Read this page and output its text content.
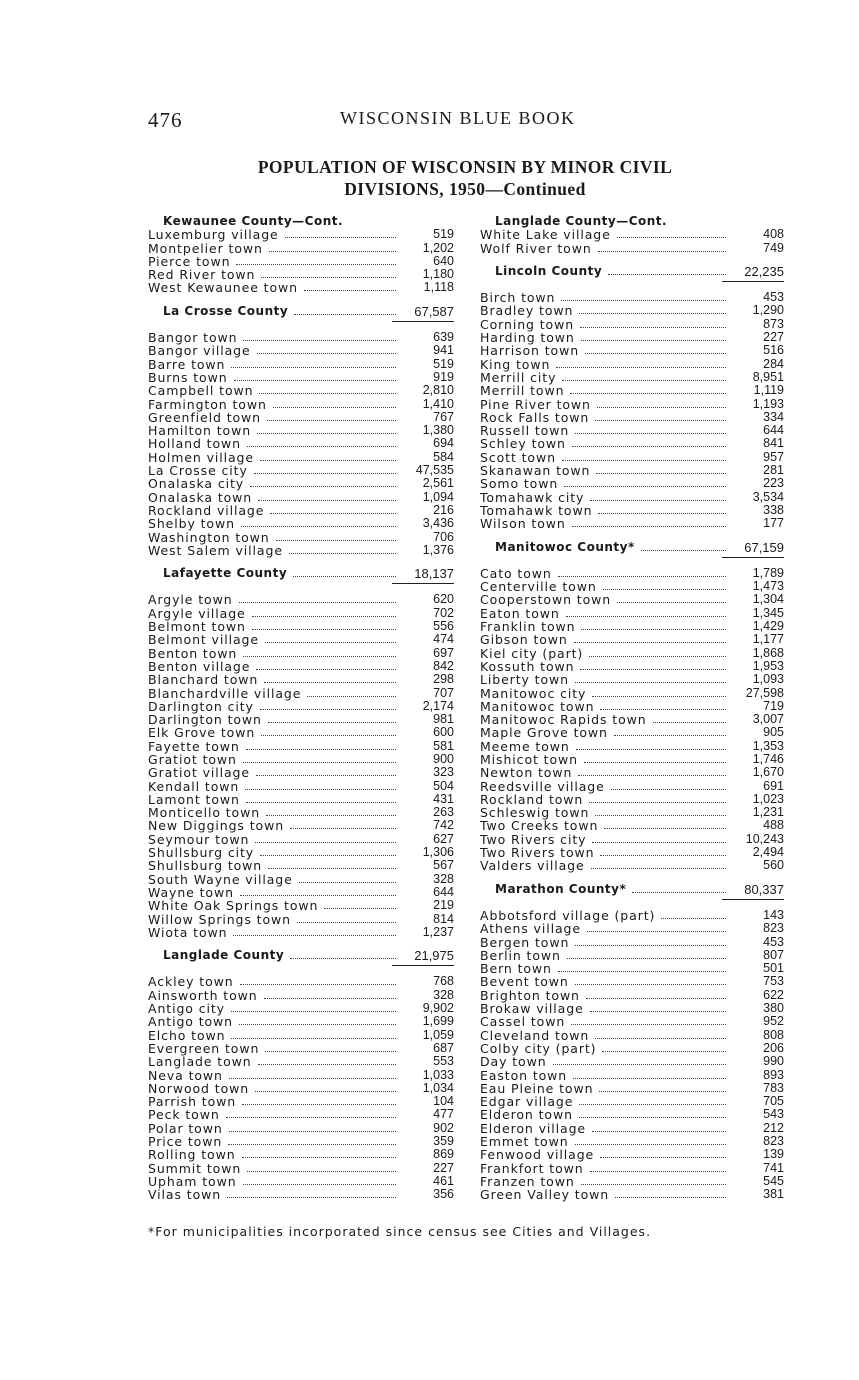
476	WISCONSIN BLUE BOOK
POPULATION OF WISCONSIN BY MINOR CIVIL
DIVISIONS, 1950—Continued
Kewaunee County—Cont.
Luxemburg village	519
Montpelier town	1,202
Pierce town	640
Red River town	1,180
West Kewaunee town	1,118
La Crosse County	67,587
Bangor town	639
Bangor village	941
Barre town	519
Burns town	919
Campbell town	2,810
Farmington town	1,410
Greenfield town	767
Hamilton town	1,380
Holland town	694
Holmen village	584
La Crosse city	47,535
Onalaska city	2,561
Onalaska town	1,094
Rockland village	216
Shelby town	3,436
Washington town	706
West Salem village	1,376
Lafayette County	18,137
Argyle town	620
Argyle village	702
Belmont town	556
Belmont village	474
Benton town	697
Benton village	842
Blanchard town	298
Blanchardville village	707
Darlington city	2,174
Darlington town	981
Elk Grove town	600
Fayette town	581
Gratiot town	900
Gratiot village	323
Kendall town	504
Lamont town	431
Monticello town	263
New Diggings town	742
Seymour town	627
Shullsburg city	1,306
Shullsburg town	567
South Wayne village	328
Wayne town	644
White Oak Springs town	219
Willow Springs town	814
Wiota town	1,237
Langlade County	21,975
Ackley town	768
Ainsworth town	328
Antigo city	9,902
Antigo town	1,699
Elcho town	1,059
Evergreen town	687
Langlade town	553
Neva town	1,033
Norwood town	1,034
Parrish town	104
Peck town	477
Polar town	902
Price town	359
Rolling town	869
Summit town	227
Upham town	461
Vilas town	356
Langlade County—Cont.
White Lake village	408
Wolf River town	749
Lincoln County	22,235
Birch town	453
Bradley town	1,290
Corning town	873
Harding town	227
Harrison town	516
King town	284
Merrill city	8,951
Merrill town	1,119
Pine River town	1,193
Rock Falls town	334
Russell town	644
Schley town	841
Scott town	957
Skanawan town	281
Somo town	223
Tomahawk city	3,534
Tomahawk town	338
Wilson town	177
Manitowoc County*	67,159
Cato town	1,789
Centerville town	1,473
Cooperstown town	1,304
Eaton town	1,345
Franklin town	1,429
Gibson town	1,177
Kiel city (part)	1,868
Kossuth town	1,953
Liberty town	1,093
Manitowoc city	27,598
Manitowoc town	719
Manitowoc Rapids town	3,007
Maple Grove town	905
Meeme town	1,353
Mishicot town	1,746
Newton town	1,670
Reedsville village	691
Rockland town	1,023
Schleswig town	1,231
Two Creeks town	488
Two Rivers city	10,243
Two Rivers town	2,494
Valders village	560
Marathon County*	80,337
Abbotsford village (part)	143
Athens village	823
Bergen town	453
Berlin town	807
Bern town	501
Bevent town	753
Brighton town	622
Brokaw village	380
Cassel town	952
Cleveland town	808
Colby city (part)	206
Day town	990
Easton town	893
Eau Pleine town	783
Edgar village	705
Elderon town	543
Elderon village	212
Emmet town	823
Fenwood village	139
Frankfort town	741
Franzen town	545
Green Valley town	381
*For municipalities incorporated since census see Cities and Villages.
